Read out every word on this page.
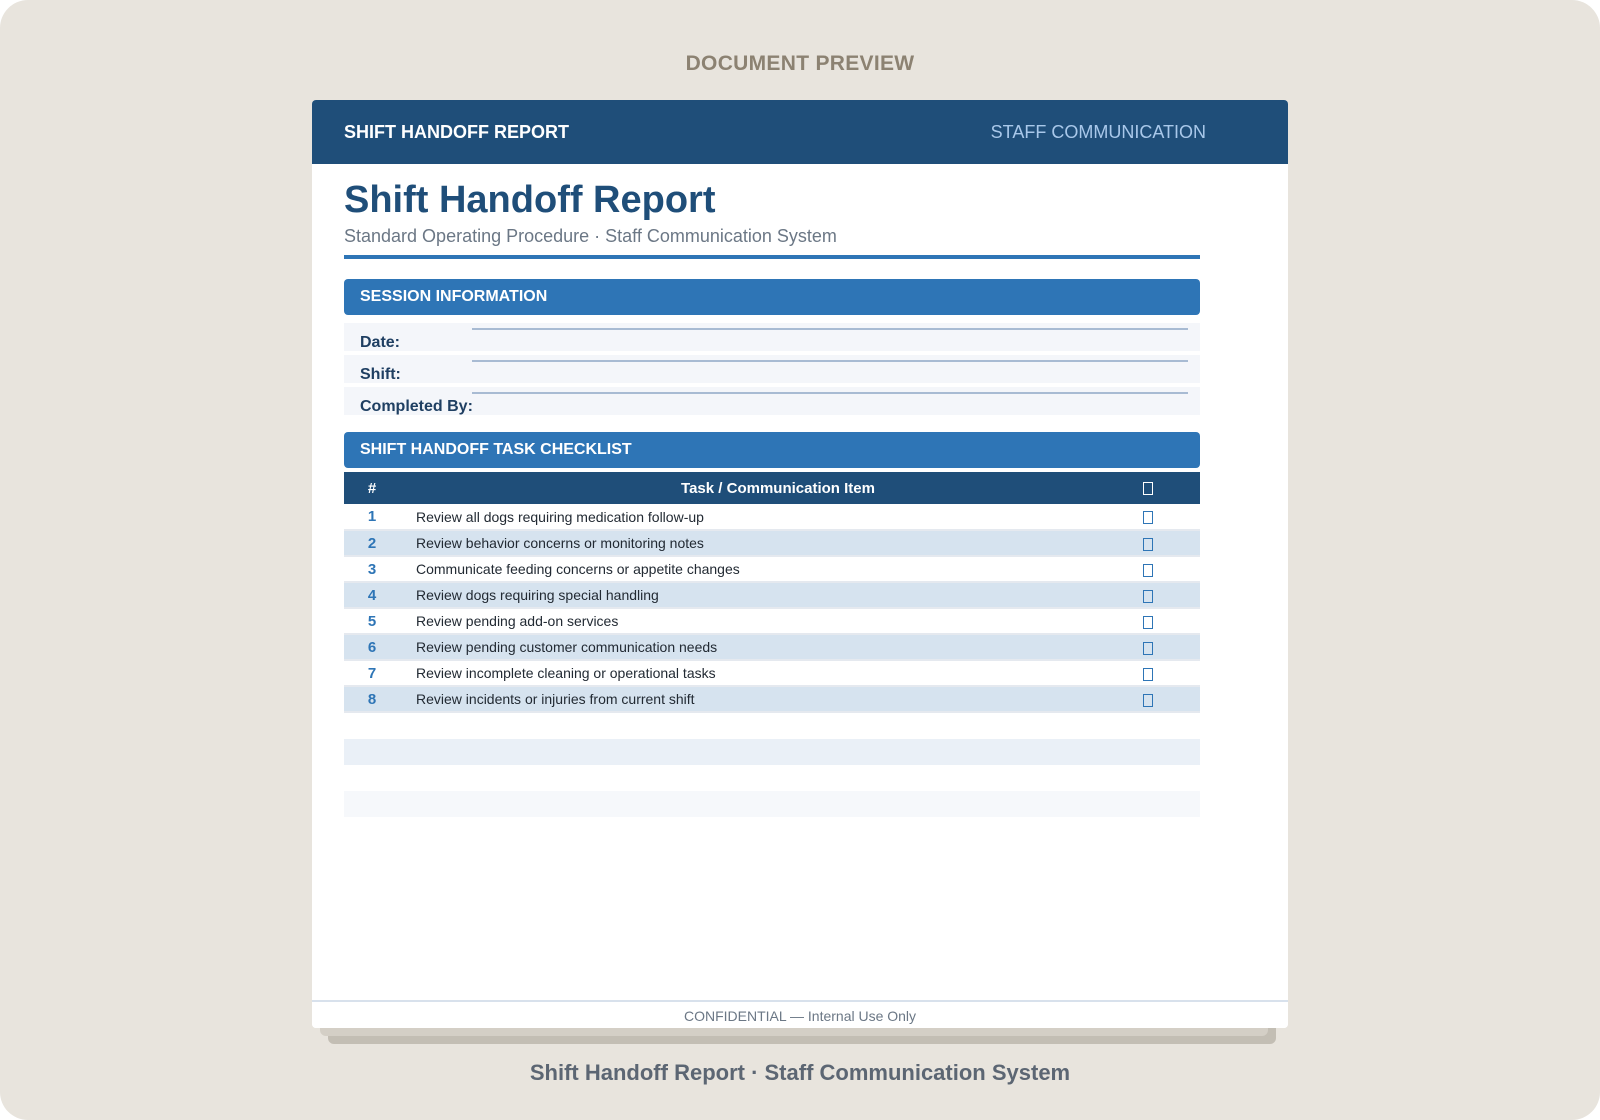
DOCUMENT PREVIEW
SHIFT HANDOFF REPORT	STAFF COMMUNICATION
Shift Handoff Report
Standard Operating Procedure · Staff Communication System
SESSION INFORMATION
Date:
Shift:
Completed By:
SHIFT HANDOFF TASK CHECKLIST
#	Task / Communication Item	
1	Review all dogs requiring medication follow-up	
2	Review behavior concerns or monitoring notes	
3	Communicate feeding concerns or appetite changes	
4	Review dogs requiring special handling	
5	Review pending add-on services	
6	Review pending customer communication needs	
7	Review incomplete cleaning or operational tasks	
8	Review incidents or injuries from current shift	
CONFIDENTIAL — Internal Use Only
Shift Handoff Report · Staff Communication System
